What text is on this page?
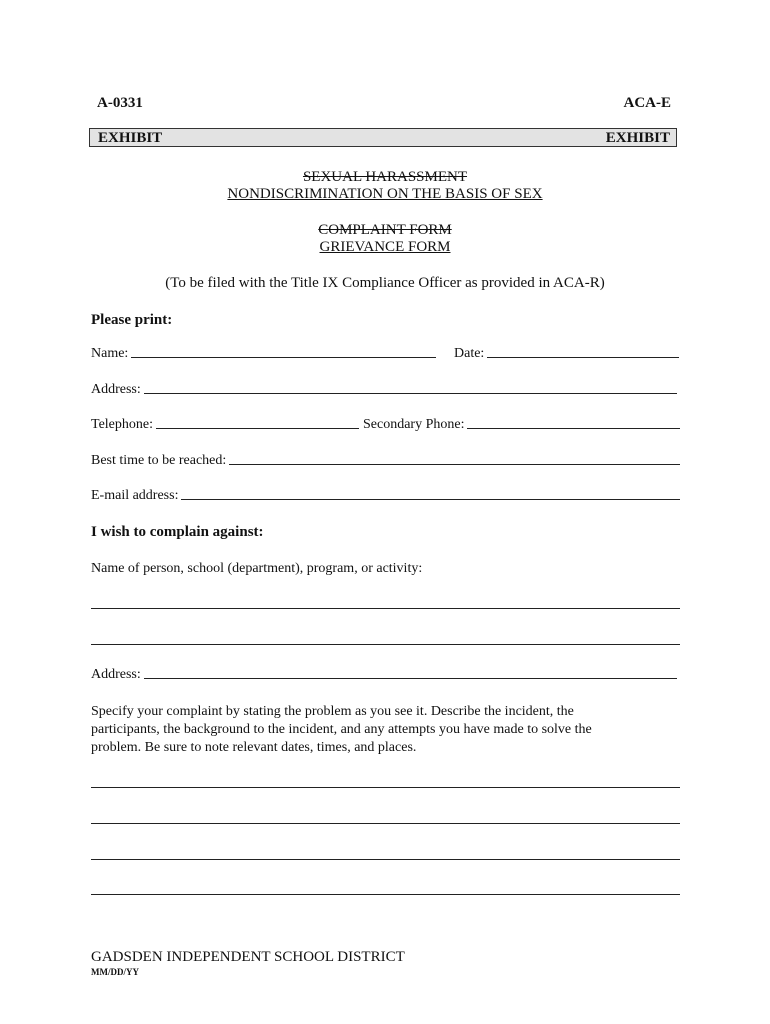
A-0331	ACA-E
EXHIBIT	EXHIBIT
SEXUAL HARASSMENT
NONDISCRIMINATION ON THE BASIS OF SEX
COMPLAINT FORM
GRIEVANCE FORM
(To be filed with the Title IX Compliance Officer as provided in ACA-R)
Please print:
Name:	Date:
Address:
Telephone:	Secondary Phone:
Best time to be reached:
E-mail address:
I wish to complain against:
Name of person, school (department), program, or activity:
Address:
Specify your complaint by stating the problem as you see it. Describe the incident, the
participants, the background to the incident, and any attempts you have made to solve the
problem. Be sure to note relevant dates, times, and places.
GADSDEN INDEPENDENT SCHOOL DISTRICT
MM/DD/YY
